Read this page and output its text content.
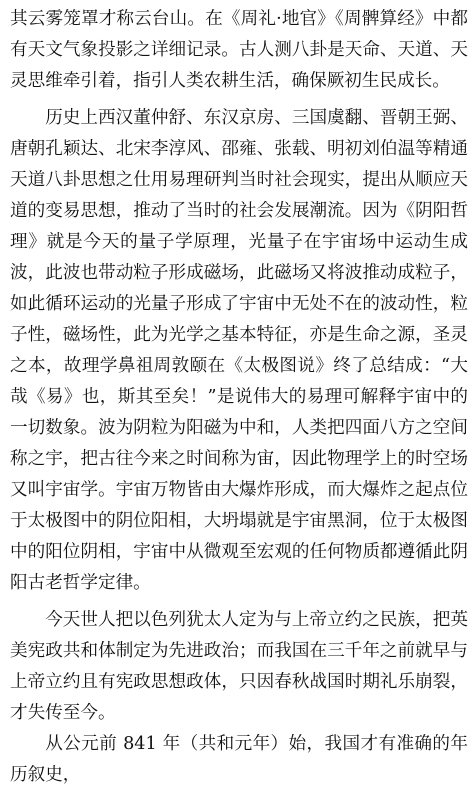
其云雾笼罩才称云台山。在《周礼·地官》《周髀算经》中都有天文气象投影之详细记录。古人测八卦是天命、天道、天灵思维牵引着，指引人类农耕生活，确保厥初生民成长。

历史上西汉董仲舒、东汉京房、三国虞翻、晋朝王弼、唐朝孔颖达、北宋李淳风、邵雍、张载、明初刘伯温等精通天道八卦思想之仕用易理研判当时社会现实，提出从顺应天道的变易思想，推动了当时的社会发展潮流。因为《阴阳哲理》就是今天的量子学原理，光量子在宇宙场中运动生成波，此波也带动粒子形成磁场，此磁场又将波推动成粒子，如此循环运动的光量子形成了宇宙中无处不在的波动性，粒子性，磁场性，此为光学之基本特征，亦是生命之源，圣灵之本，故理学鼻祖周敦颐在《太极图说》终了总结成：“大哉《易》也，斯其至矣！”是说伟大的易理可解释宇宙中的一切数象。波为阴粒为阳磁为中和，人类把四面八方之空间称之宇，把古往今来之时间称为宙，因此物理学上的时空场又叫宇宙学。宇宙万物皆由大爆炸形成，而大爆炸之起点位于太极图中的阴位阳相，大坍塌就是宇宙黑洞，位于太极图中的阳位阴相，宇宙中从微观至宏观的任何物质都遵循此阴阳古老哲学定律。

今天世人把以色列犹太人定为与上帝立约之民族，把英美宪政共和体制定为先进政治；而我国在三千年之前就早与上帝立约且有宪政思想政体，只因春秋战国时期礼乐崩裂，才失传至今。

从公元前 841 年（共和元年）始，我国才有准确的年历叙史，
